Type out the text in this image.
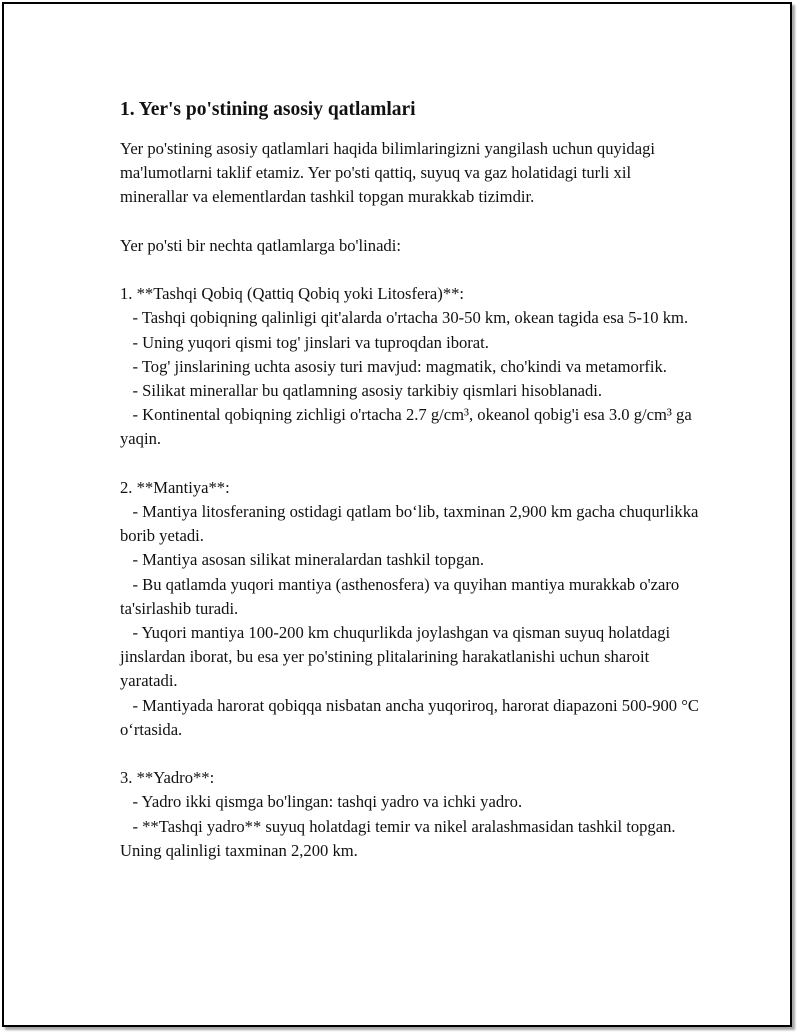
1. Yer's po'stining asosiy qatlamlari

Yer po'stining asosiy qatlamlari haqida bilimlaringizni yangilash uchun quyidagi ma'lumotlarni taklif etamiz. Yer po'sti qattiq, suyuq va gaz holatidagi turli xil minerallar va elementlardan tashkil topgan murakkab tizimdir.

Yer po'sti bir nechta qatlamlarga bo'linadi:

1. **Tashqi Qobiq (Qattiq Qobiq yoki Litosfera)**:

- Tashqi qobiqning qalinligi qit'alarda o'rtacha 30-50 km, okean tagida esa 5-10 km.

- Uning yuqori qismi tog' jinslari va tuproqdan iborat.

- Tog' jinslarining uchta asosiy turi mavjud: magmatik, cho'kindi va metamorfik.

- Silikat minerallar bu qatlamning asosiy tarkibiy qismlari hisoblanadi.

- Kontinental qobiqning zichligi o'rtacha 2.7 g/cm³, okeanol qobig'i esa 3.0 g/cm³ ga yaqin.

2. **Mantiya**:

- Mantiya litosferaning ostidagi qatlam bo‘lib, taxminan 2,900 km gacha chuqurlikka borib yetadi.

- Mantiya asosan silikat mineralardan tashkil topgan.

- Bu qatlamda yuqori mantiya (asthenosfera) va quyihan mantiya murakkab o'zaro ta'sirlashib turadi.

- Yuqori mantiya 100-200 km chuqurlikda joylashgan va qisman suyuq holatdagi jinslardan iborat, bu esa yer po'stining plitalarining harakatlanishi uchun sharoit yaratadi.

- Mantiyada harorat qobiqqa nisbatan ancha yuqoriroq, harorat diapazoni 500-900 °C o‘rtasida.

3. **Yadro**:

- Yadro ikki qismga bo'lingan: tashqi yadro va ichki yadro.

- **Tashqi yadro** suyuq holatdagi temir va nikel aralashmasidan tashkil topgan. Uning qalinligi taxminan 2,200 km.
